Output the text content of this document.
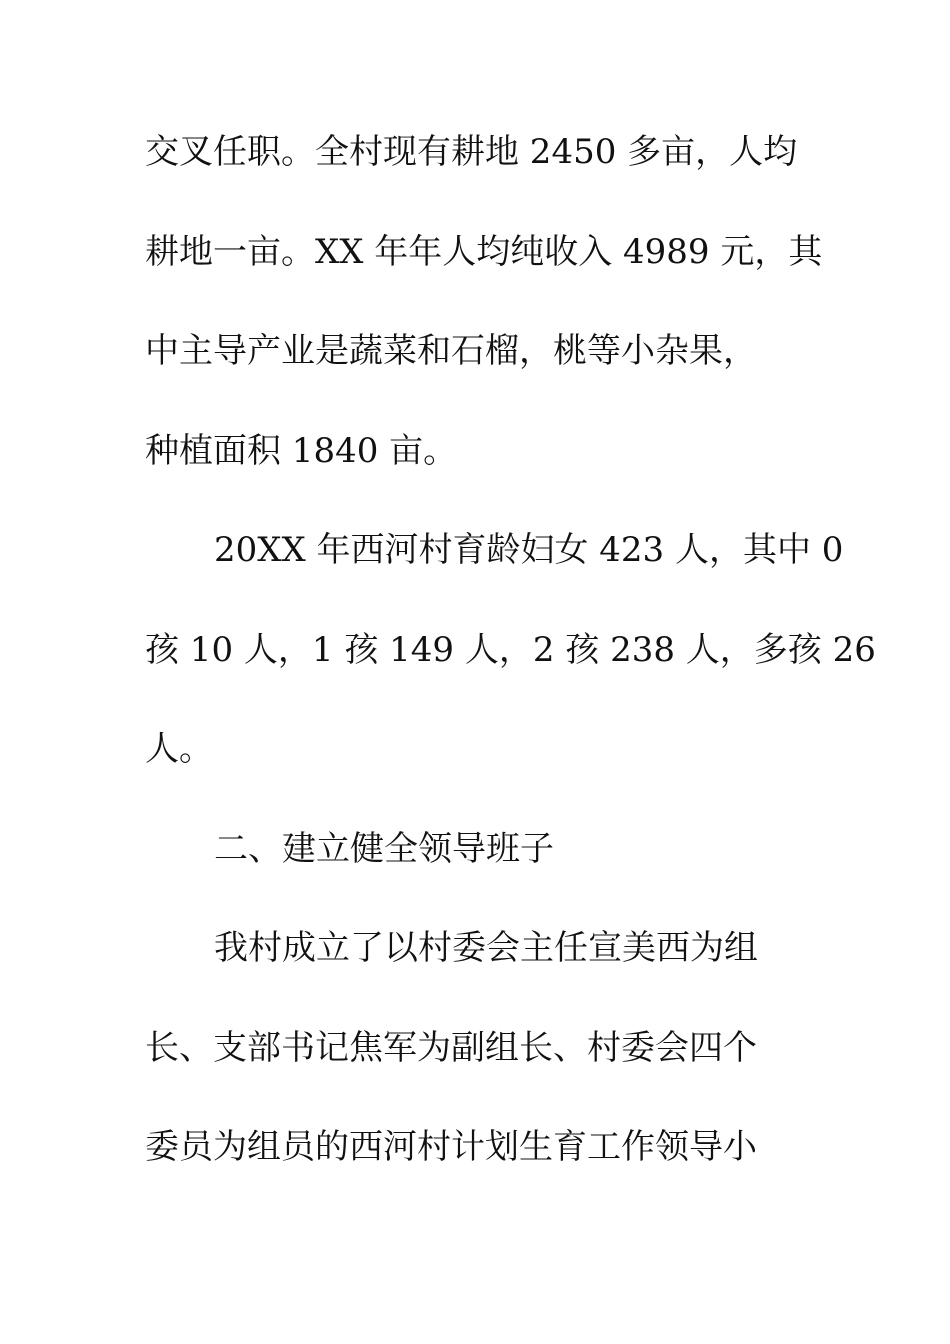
交叉任职。全村现有耕地 2450 多亩，人均
耕地一亩。XX 年年人均纯收入 4989 元，其
中主导产业是蔬菜和石榴，桃等小杂果，
种植面积 1840 亩。
20XX 年西河村育龄妇女 423 人，其中 0
孩 10 人，1 孩 149 人，2 孩 238 人，多孩 26
人。
二、建立健全领导班子
我村成立了以村委会主任宣美西为组
长、支部书记焦军为副组长、村委会四个
委员为组员的西河村计划生育工作领导小
